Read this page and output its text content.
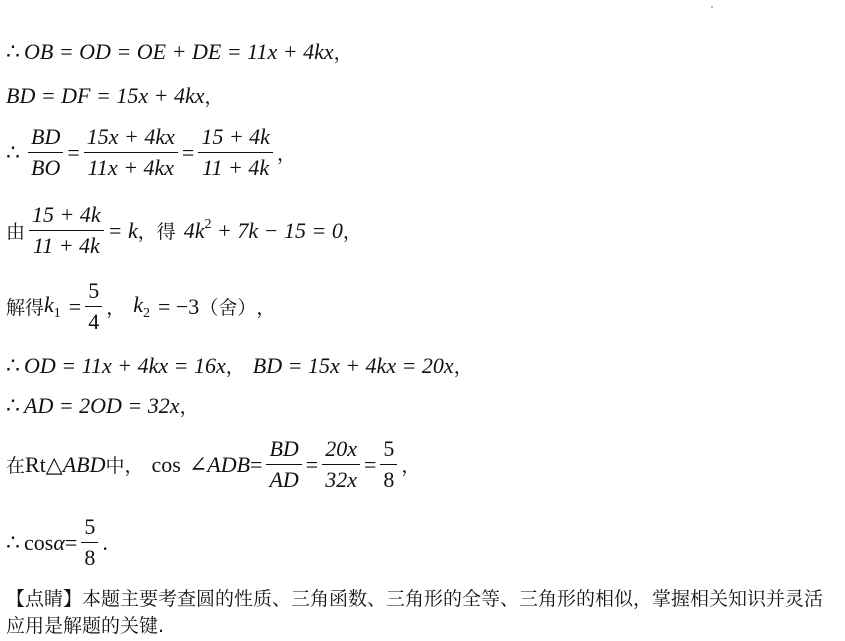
∴ OB = OD = OE + DE = 11x + 4kx ，
BD = DF = 15x + 4kx ，
∴ $\frac{BD}{BO} = \frac{15x + 4kx}{11x + 4kx} = \frac{15 + 4k}{11 + 4k}$ ，
由 $\frac{15 + 4k}{11 + 4k} = k$ ，得 $4k^2 + 7k - 15 = 0$ ，
解得 $k_1 = \frac{5}{4}$ ， $k_2 = -3$ （舍） ，
∴ OD = 11x + 4kx = 16x ， BD = 15x + 4kx = 20x ，
∴ AD = 2OD = 32x ，
在 Rt△ ABD 中， cos ∠ADB = $\frac{BD}{AD} = \frac{20x}{32x} = \frac{5}{8}$ ，
∴ $\cos \alpha = \frac{5}{8}$ .
【点睛】本题主要考查圆的性质、三角函数、三角形的全等、三角形的相似，掌握相关知识并灵活应用是解题的关键.
